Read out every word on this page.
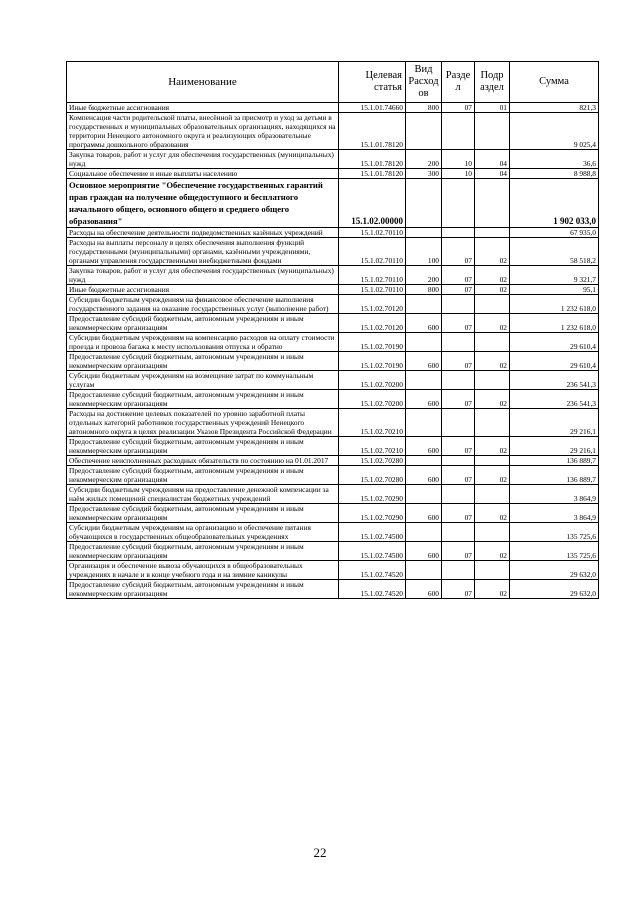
Наименование	Целевая статья	Вид Расход ов	Разде л	Подр аздел	Сумма
Иные бюджетные ассигнования	15.1.01.74660	800	07	01	821,3
Компенсация части родительской платы, внесённой за присмотр и уход за детьми в государственных и муниципальных образовательных организациях, находящихся на территории Ненецкого автономного округа и реализующих образовательные программы дошкольного образования	15.1.01.78120				9 025,4
Закупка товаров, работ и услуг для обеспечения государственных (муниципальных) нужд	15.1.01.78120	200	10	04	36,6
Социальное обеспечение и иные выплаты населению	15.1.01.78120	300	10	04	8 988,8
Основное мероприятие "Обеспечение государственных гарантий прав граждан на получение общедоступного и бесплатного начального общего, основного общего и среднего общего образования"	15.1.02.00000				1 902 033,0
Расходы на обеспечение деятельности подведомственных казённых учреждений	15.1.02.70110				67 935,0
Расходы на выплаты персоналу в целях обеспечения выполнения функций государственными (муниципальными) органами, казёнными учреждениями, органами управления государственными внебюджетными фондами	15.1.02.70110	100	07	02	58 518,2
Закупка товаров, работ и услуг для обеспечения государственных (муниципальных) нужд	15.1.02.70110	200	07	02	9 321,7
Иные бюджетные ассигнования	15.1.02.70110	800	07	02	95,1
Субсидии бюджетным учреждениям на финансовое обеспечение выполнения государственного задания на оказание государственных услуг (выполнение работ)	15.1.02.70120				1 232 618,0
Предоставление субсидий бюджетным, автономным учреждениям и иным некоммерческим организациям	15.1.02.70120	600	07	02	1 232 618,0
Субсидии бюджетным учреждениям на компенсацию расходов на оплату стоимости проезда и провоза багажа к месту использования отпуска и обратно	15.1.02.70190				29 610,4
Предоставление субсидий бюджетным, автономным учреждениям и иным некоммерческим организациям	15.1.02.70190	600	07	02	29 610,4
Субсидии бюджетным учреждениям на возмещение затрат по коммунальным услугам	15.1.02.70200				236 541,3
Предоставление субсидий бюджетным, автономным учреждениям и иным некоммерческим организациям	15.1.02.70200	600	07	02	236 541,3
Расходы на достижение целевых показателей по уровню заработной платы отдельных категорий работников государственных учреждений Ненецкого автономного округа в целях реализации Указов Президента Российской Федерации	15.1.02.70210				29 216,1
Предоставление субсидий бюджетным, автономным учреждениям и иным некоммерческим организациям	15.1.02.70210	600	07	02	29 216,1
Обеспечение неисполненных расходных обязательств по состоянию на 01.01.2017	15.1.02.70280				136 889,7
Предоставление субсидий бюджетным, автономным учреждениям и иным некоммерческим организациям	15.1.02.70280	600	07	02	136 889,7
Субсидии бюджетным учреждениям на предоставление денежной компенсации за наём жилых помещений специалистам бюджетных учреждений	15.1.02.70290				3 864,9
Предоставление субсидий бюджетным, автономным учреждениям и иным некоммерческим организациям	15.1.02.70290	600	07	02	3 864,9
Субсидии бюджетным учреждениям на организацию и обеспечение питания обучающихся в государственных общеобразовательных учреждениях	15.1.02.74500				135 725,6
Предоставление субсидий бюджетным, автономным учреждениям и иным некоммерческим организациям	15.1.02.74500	600	07	02	135 725,6
Организация и обеспечение вывоза обучающихся в общеобразовательных учреждениях в начале и в конце учебного года и на зимние каникулы	15.1.02.74520				29 632,0
Предоставление субсидий бюджетным, автономным учреждениям и иным некоммерческим организациям	15.1.02.74520	600	07	02	29 632,0
22
